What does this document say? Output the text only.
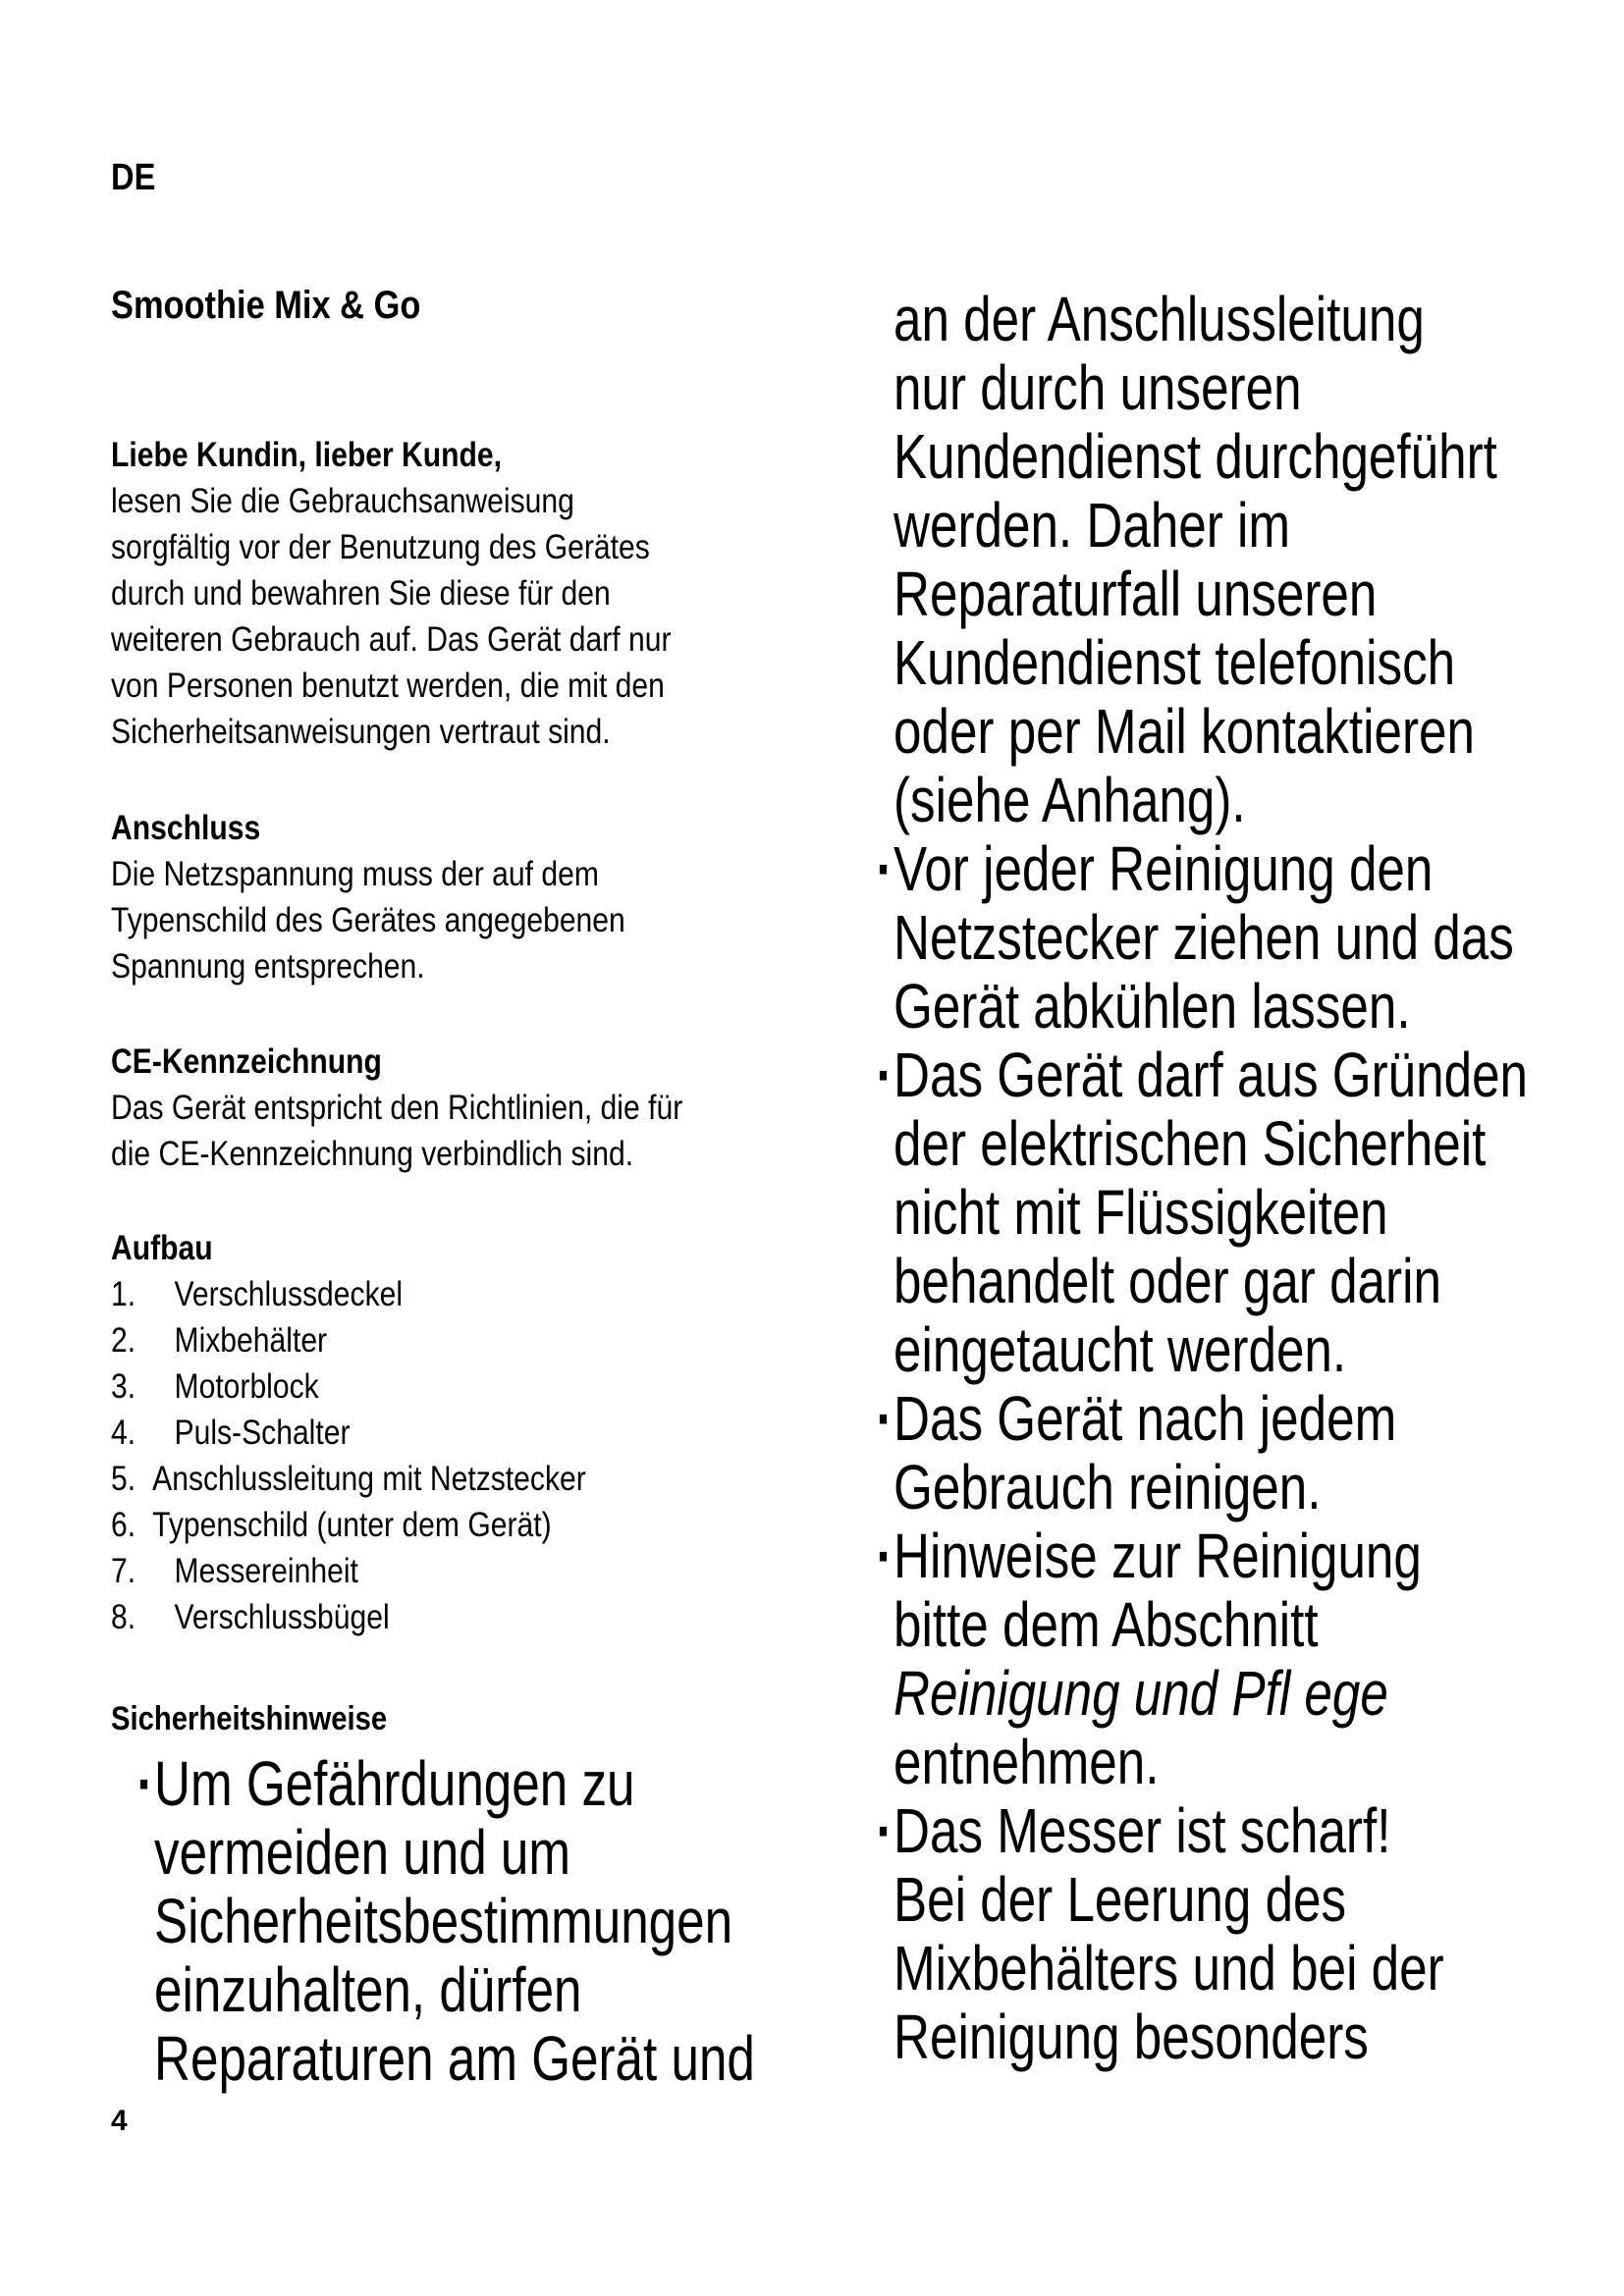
DE
Smoothie Mix & Go

Liebe Kundin, lieber Kunde,

lesen Sie die Gebrauchsanweisung

sorgfältig vor der Benutzung des Gerätes

durch und bewahren Sie diese für den

weiteren Gebrauch auf. Das Gerät darf nur

von Personen benutzt werden, die mit den

Sicherheitsanweisungen vertraut sind.

Anschluss

Die Netzspannung muss der auf dem

Typenschild des Gerätes angegebenen

Spannung entsprechen.

CE-Kennzeichnung

Das Gerät entspricht den Richtlinien, die für

die CE-Kennzeichnung verbindlich sind.

Aufbau

1. Verschlussdeckel

2. Mixbehälter

3. Motorblock

4. Puls-Schalter

5. Anschlussleitung mit Netzstecker

6. Typenschild (unter dem Gerät)

7. Messereinheit

8. Verschlussbügel

Sicherheitshinweise

·Um Gefährdungen zu

vermeiden und um

Sicherheitsbestimmungen

einzuhalten, dürfen

Reparaturen am Gerät und

an der Anschlussleitung

nur durch unseren

Kundendienst durchgeführt

werden. Daher im

Reparaturfall unseren

Kundendienst telefonisch

oder per Mail kontaktieren

(siehe Anhang).

·Vor jeder Reinigung den

Netzstecker ziehen und das

Gerät abkühlen lassen.

·Das Gerät darf aus Gründen

der elektrischen Sicherheit

nicht mit Flüssigkeiten

behandelt oder gar darin

eingetaucht werden.

·Das Gerät nach jedem

Gebrauch reinigen.

·Hinweise zur Reinigung

bitte dem Abschnitt

Reinigung und Pfl ege

entnehmen.

·Das Messer ist scharf!

Bei der Leerung des

Mixbehälters und bei der

Reinigung besonders

4
